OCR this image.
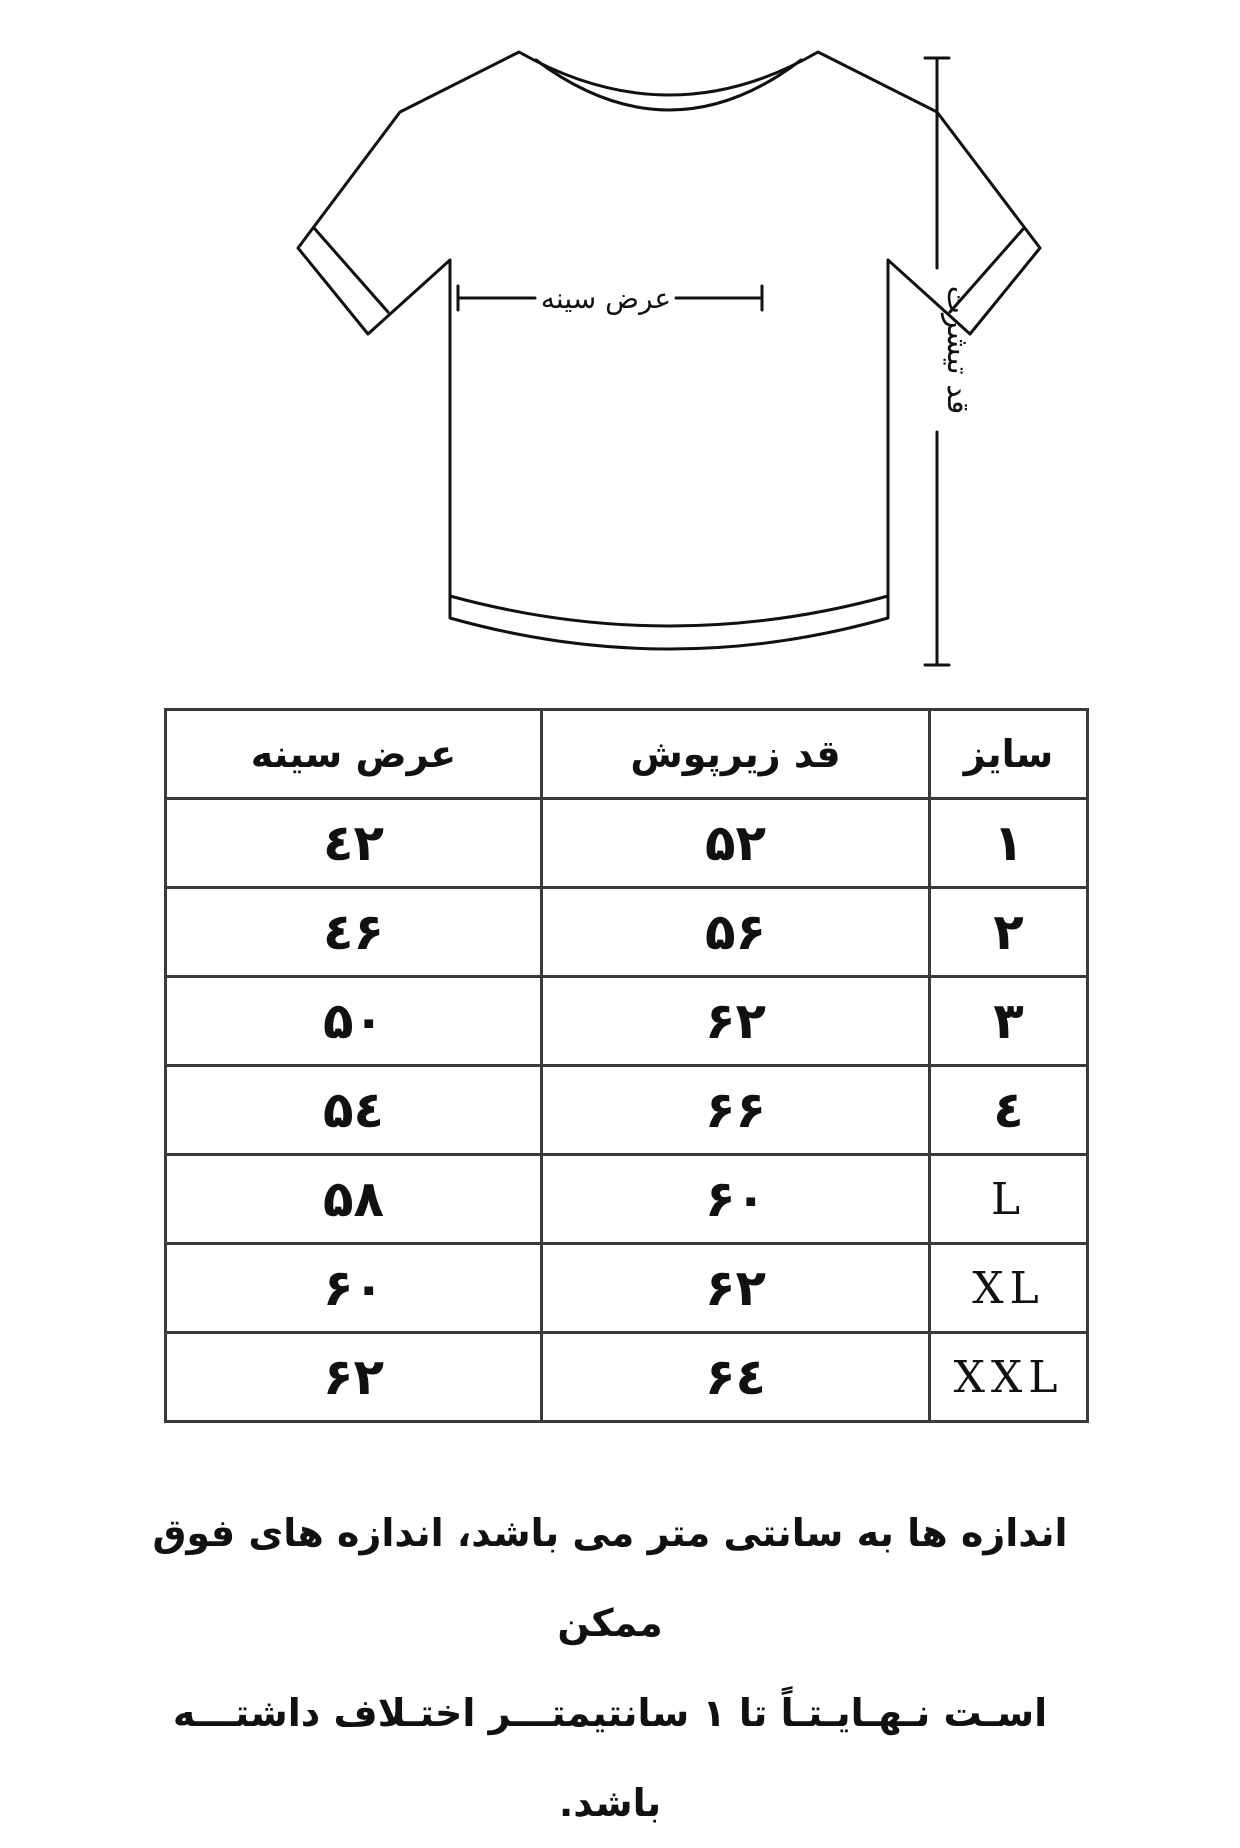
عرض سینه	قد تیشرت
سایز	قد زیرپوش	عرض سینه
۱	۵۲	٤۲
۲	۵۶	٤۶
۳	۶۲	۵۰
٤	۶۶	۵٤
L	۶۰	۵۸
XL	۶۲	۶۰
XXL	۶٤	۶۲

اندازه ها به سانتی متر می باشد، اندازه های فوق ممکن

اسـت نـهـایـتـاً تا ۱ سانتیمتـــر اختـلاف داشتـــه باشد.
